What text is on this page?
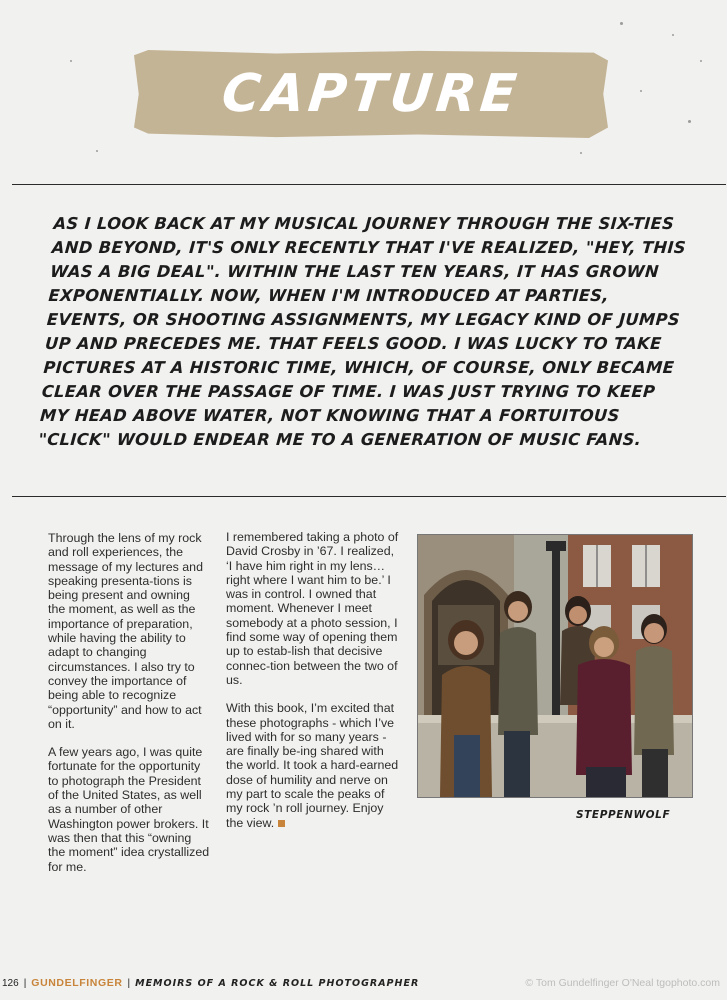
CAPTURE
AS I LOOK BACK AT MY MUSICAL JOURNEY THROUGH THE SIX-TIES AND BEYOND, IT'S ONLY RECENTLY THAT I'VE REALIZED, "HEY, THIS WAS A BIG DEAL". WITHIN THE LAST TEN YEARS, IT HAS GROWN EXPONENTIALLY. NOW, WHEN I'M INTRODUCED AT PARTIES, EVENTS, OR SHOOTING ASSIGNMENTS, MY LEGACY KIND OF JUMPS UP AND PRECEDES ME. THAT FEELS GOOD. I WAS LUCKY TO TAKE PICTURES AT A HISTORIC TIME, WHICH, OF COURSE, ONLY BECAME CLEAR OVER THE PASSAGE OF TIME. I WAS JUST TRYING TO KEEP MY HEAD ABOVE WATER, NOT KNOWING THAT A FORTUITOUS "CLICK" WOULD ENDEAR ME TO A GENERATION OF MUSIC FANS.

Through the lens of my rock and roll experiences, the message of my lectures and speaking presenta-tions is being present and owning the moment, as well as the importance of preparation, while having the ability to adapt to changing circumstances. I also try to convey the importance of being able to recognize “opportunity” and how to act on it.

A few years ago, I was quite fortunate for the opportunity to photograph the President of the United States, as well as a number of other Washington power brokers. It was then that this “owning the moment” idea crystallized for me.

I remembered taking a photo of David Crosby in ’67. I realized, ‘I have him right in my lens… right where I want him to be.’ I was in control. I owned that moment. Whenever I meet somebody at a photo session, I find some way of opening them up to estab-lish that decisive connec-tion between the two of us.

With this book, I’m excited that these photographs - which I’ve lived with for so many years - are finally be-ing shared with the world. It took a hard-earned dose of humility and nerve on my part to scale the peaks of my rock ’n roll journey. Enjoy the view.

STEPPENWOLF
126 | GUNDELFINGER | MEMOIRS OF A ROCK & ROLL PHOTOGRAPHER	© Tom Gundelfinger O'Neal tgophoto.com
